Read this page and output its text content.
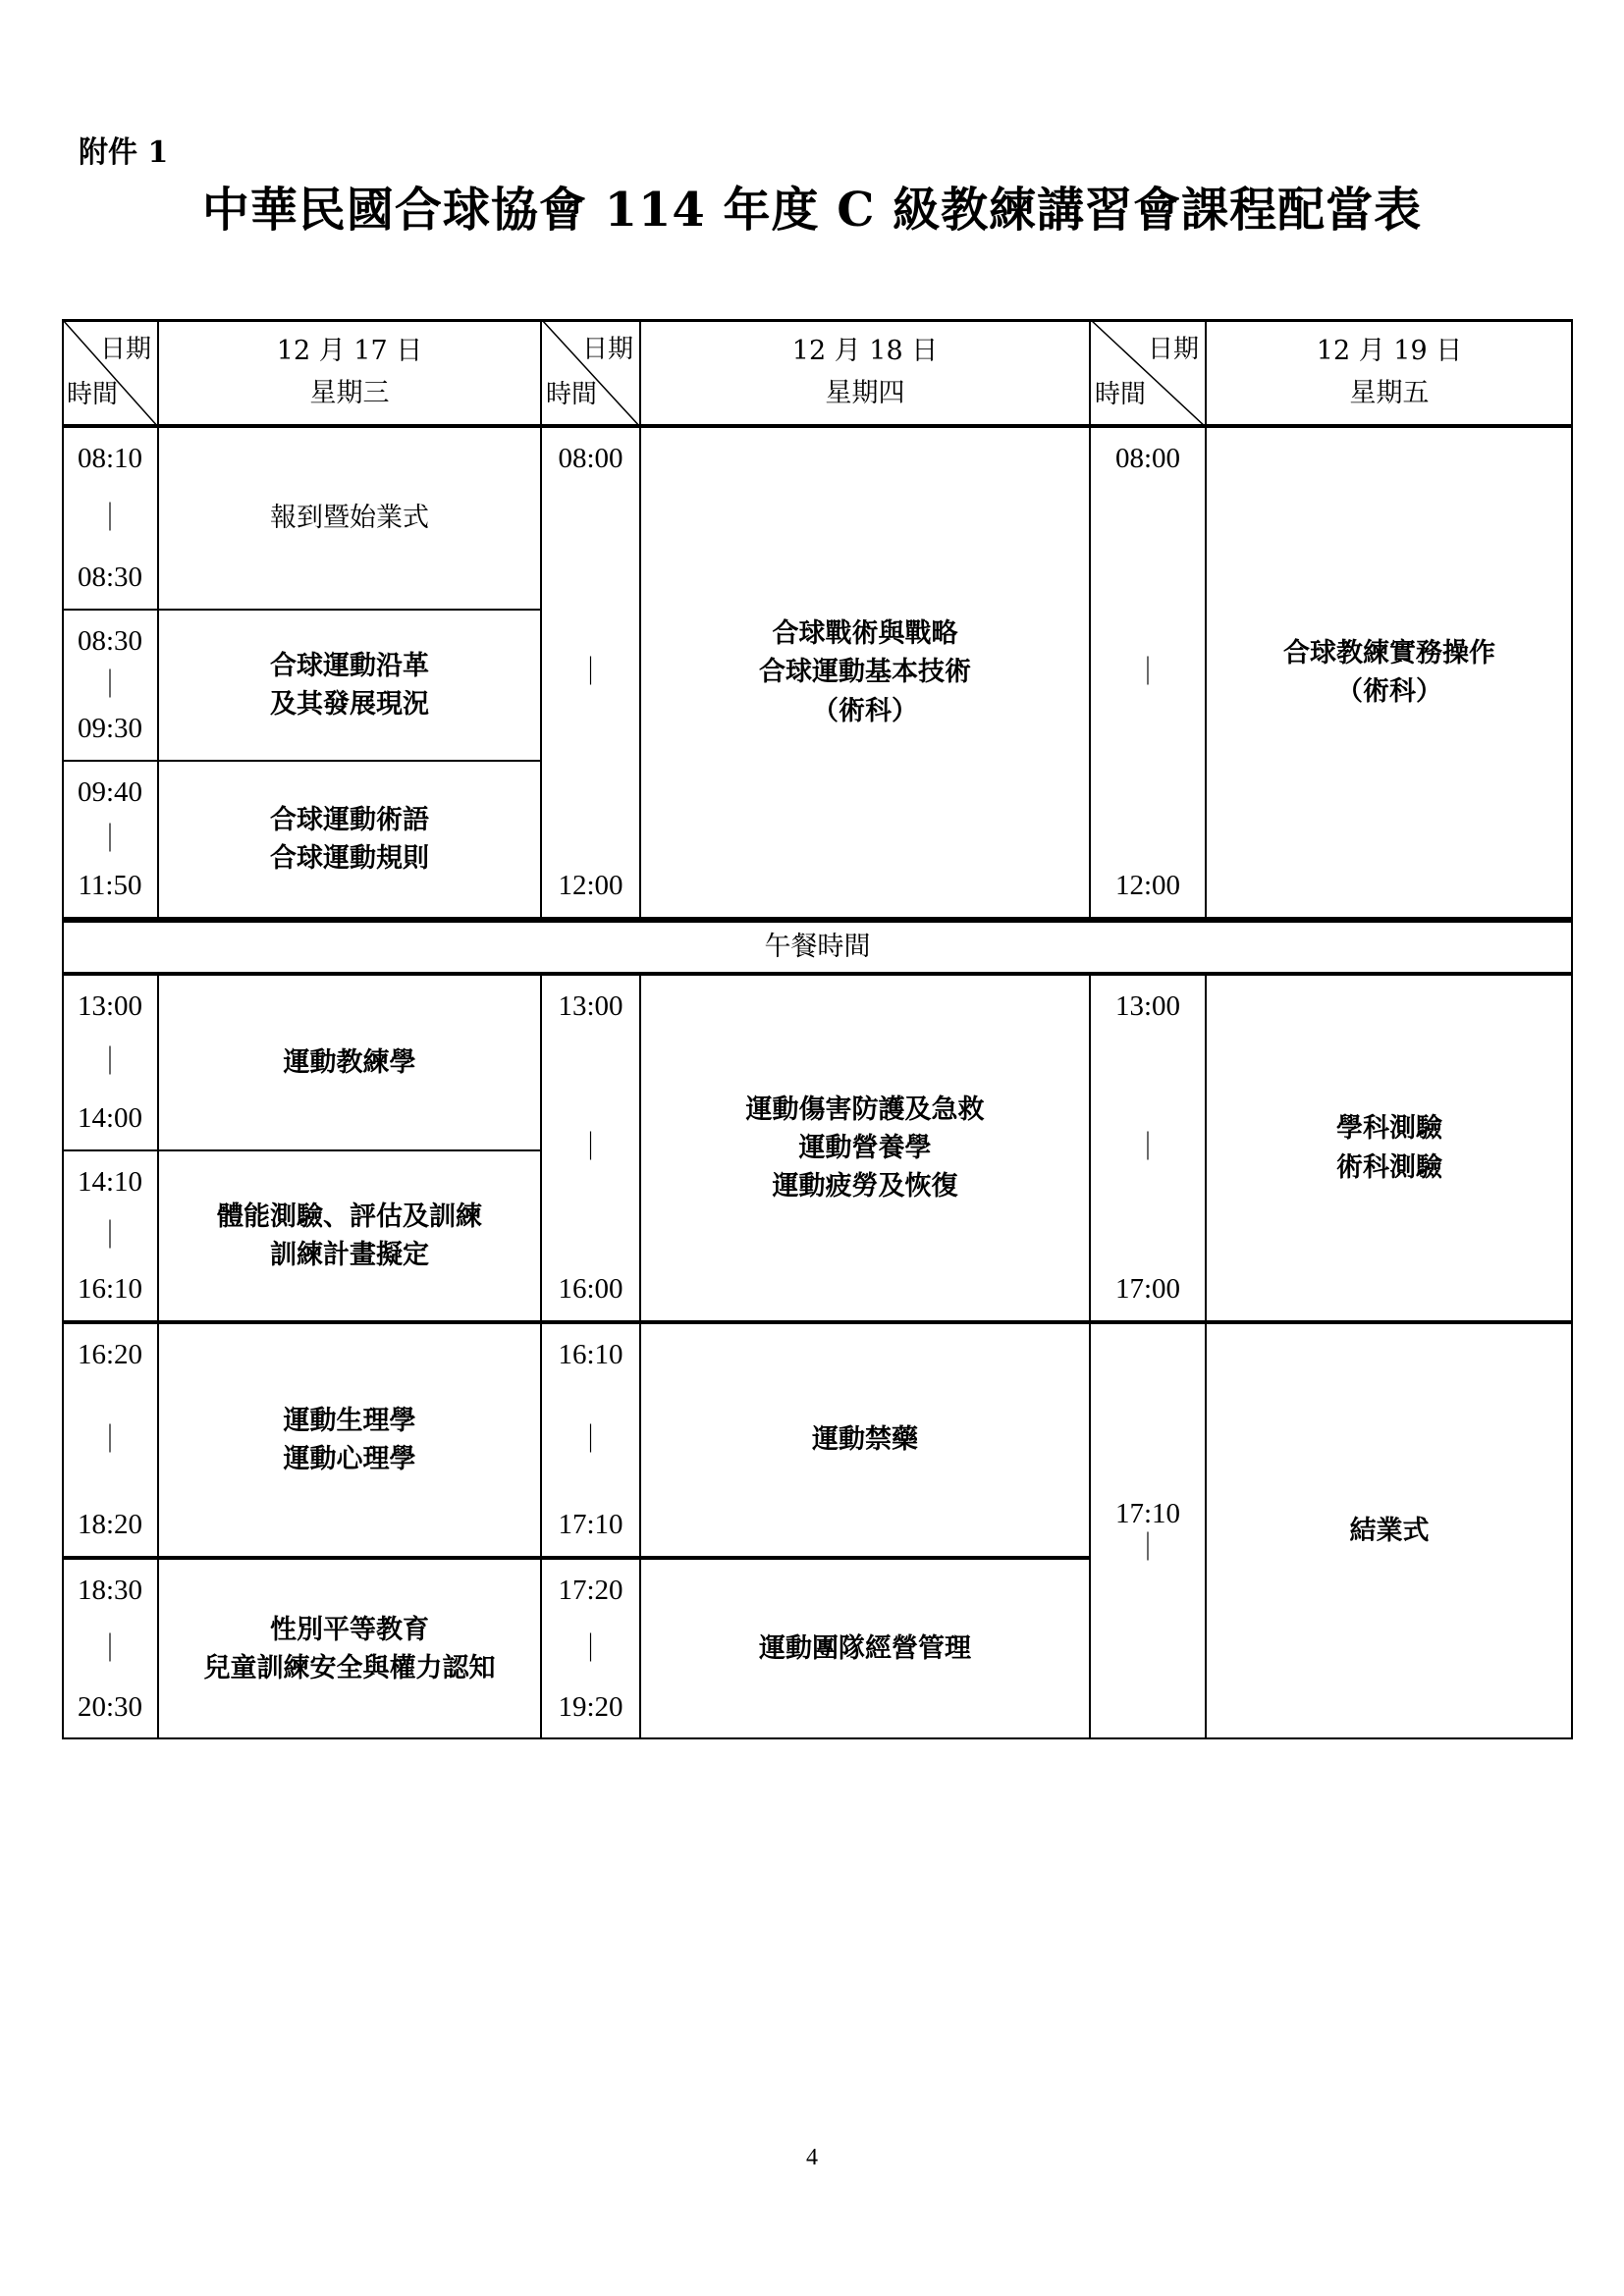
附件 1
中華民國合球協會 114 年度 C 級教練講習會課程配當表
日期
時間
12 月 17 日
星期三
日期
時間
12 月 18 日
星期四
日期
時間
12 月 19 日
星期五
08:10
｜
08:30
報到暨始業式
08:30
｜
09:30
合球運動沿革
及其發展現況
09:40
｜
11:50
合球運動術語
合球運動規則
13:00
｜
14:00
運動教練學
14:10
｜
16:10
體能測驗、評估及訓練
訓練計畫擬定
16:20
｜
18:20
運動生理學
運動心理學
18:30
｜
20:30
性別平等教育
兒童訓練安全與權力認知
08:00
｜
12:00
合球戰術與戰略
合球運動基本技術
（術科）
13:00
｜
16:00
運動傷害防護及急救
運動營養學
運動疲勞及恢復
16:10
｜
17:10
運動禁藥
17:20
｜
19:20
運動團隊經營管理
08:00
｜
12:00
合球教練實務操作
（術科）
13:00
｜
17:00
學科測驗
術科測驗
17:10
｜
結業式
午餐時間
4
